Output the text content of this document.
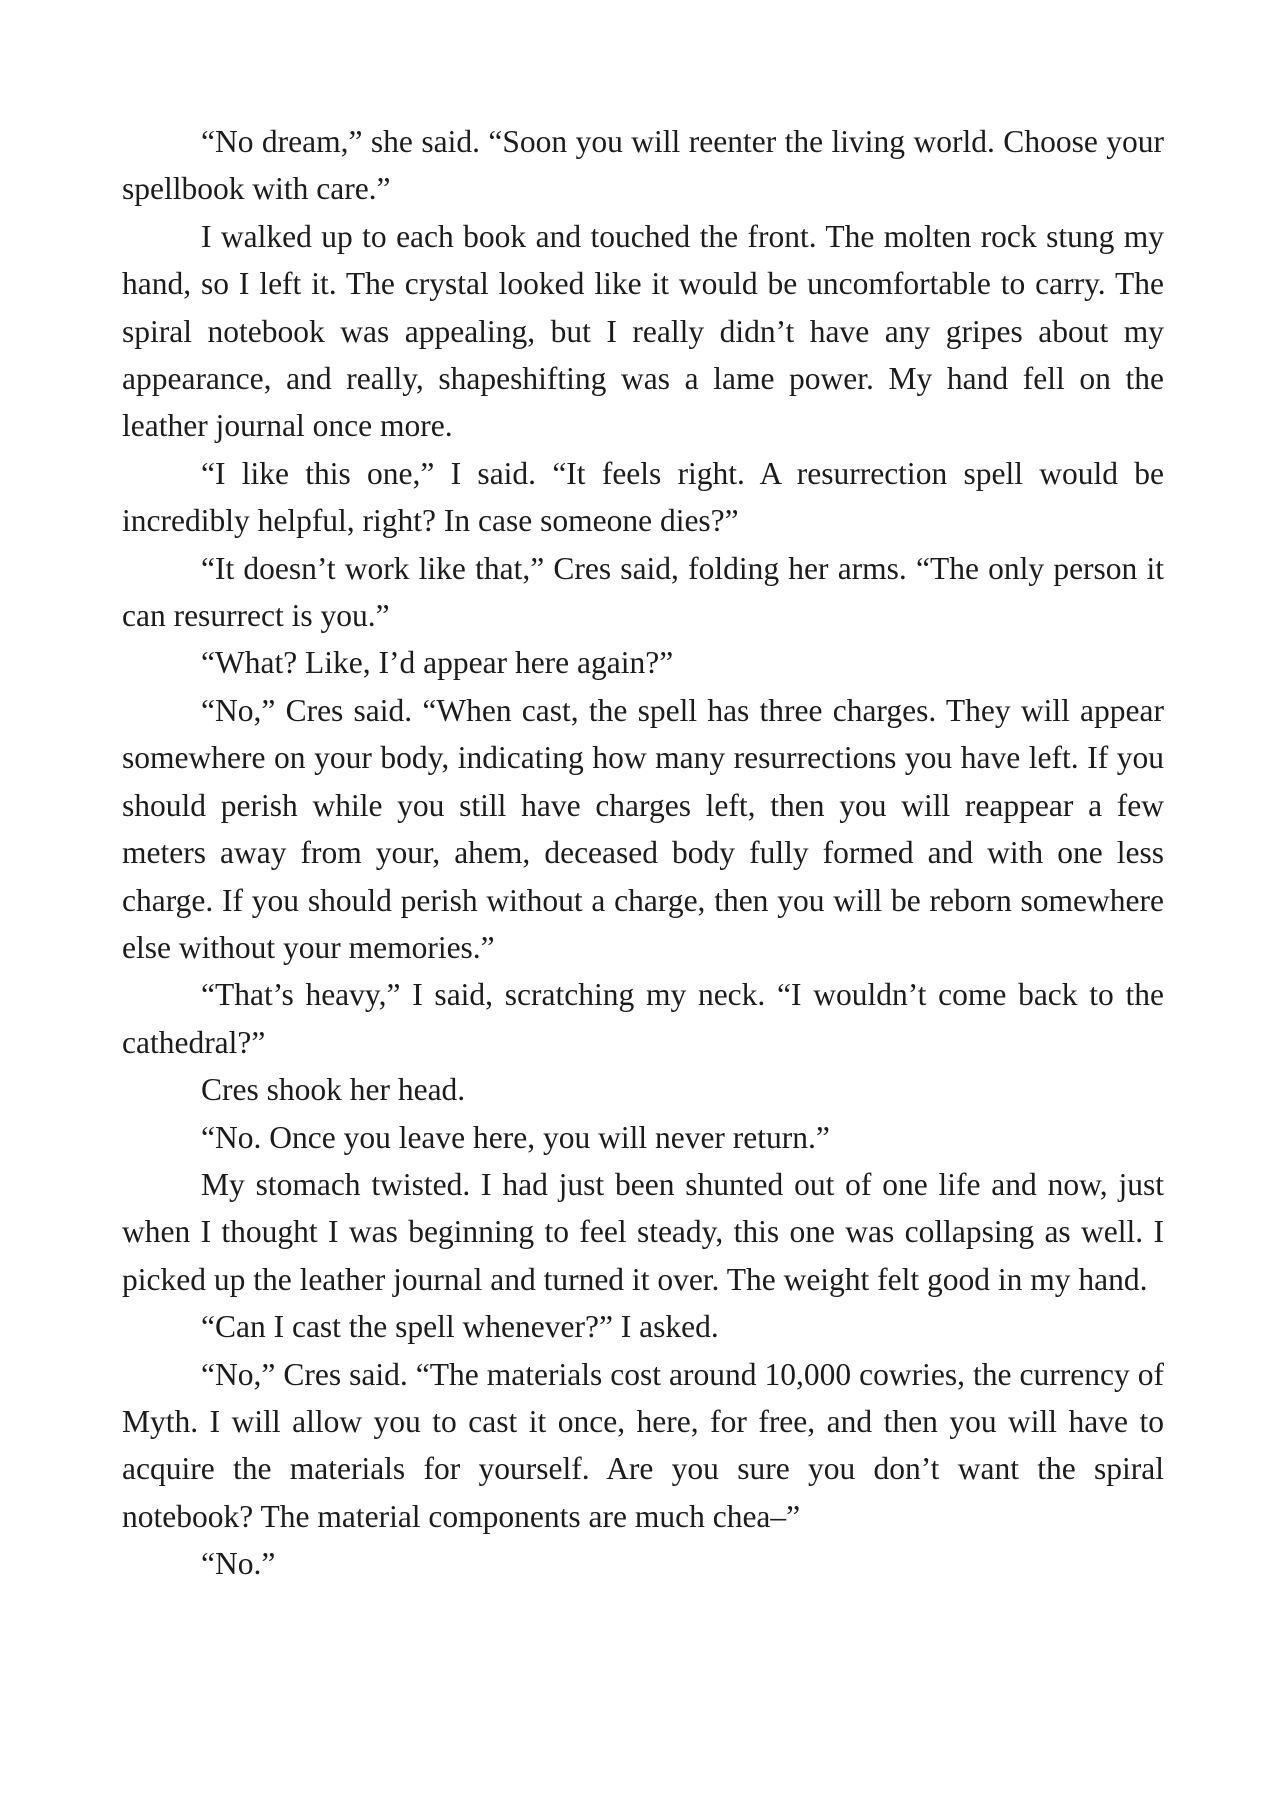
“No dream,” she said. “Soon you will reenter the living world. Choose your spellbook with care.”

I walked up to each book and touched the front. The molten rock stung my hand, so I left it. The crystal looked like it would be uncomfortable to carry. The spiral notebook was appealing, but I really didn’t have any gripes about my appearance, and really, shapeshifting was a lame power. My hand fell on the leather journal once more.

“I like this one,” I said. “It feels right. A resurrection spell would be incredibly helpful, right? In case someone dies?”

“It doesn’t work like that,” Cres said, folding her arms. “The only person it can resurrect is you.”

“What? Like, I’d appear here again?”

“No,” Cres said. “When cast, the spell has three charges. They will appear somewhere on your body, indicating how many resurrections you have left. If you should perish while you still have charges left, then you will reappear a few meters away from your, ahem, deceased body fully formed and with one less charge. If you should perish without a charge, then you will be reborn somewhere else without your memories.”

“That’s heavy,” I said, scratching my neck. “I wouldn’t come back to the cathedral?”

Cres shook her head.

“No. Once you leave here, you will never return.”

My stomach twisted. I had just been shunted out of one life and now, just when I thought I was beginning to feel steady, this one was collapsing as well. I picked up the leather journal and turned it over. The weight felt good in my hand.

“Can I cast the spell whenever?” I asked.

“No,” Cres said. “The materials cost around 10,000 cowries, the currency of Myth. I will allow you to cast it once, here, for free, and then you will have to acquire the materials for yourself. Are you sure you don’t want the spiral notebook? The material components are much chea–”

“No.”
